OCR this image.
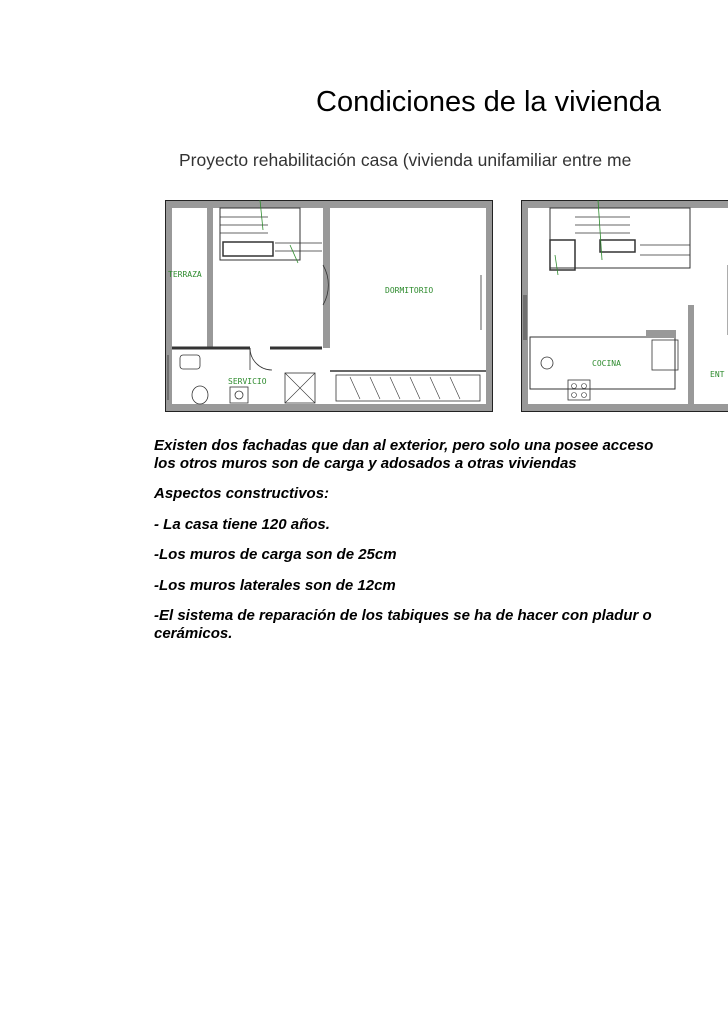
Condiciones de la vivienda
Proyecto rehabilitación casa (vivienda unifamiliar entre me
TERRAZA
DORMITORIO
SERVICIO
COCINA
ENT

Existen dos fachadas que dan al exterior, pero solo una posee acceso

los otros muros son de carga y adosados a otras viviendas

Aspectos constructivos:

- La casa tiene 120 años.

-Los muros de carga son de 25cm

-Los muros laterales son de 12cm

-El sistema de reparación de los tabiques se ha de hacer con pladur o

cerámicos.
